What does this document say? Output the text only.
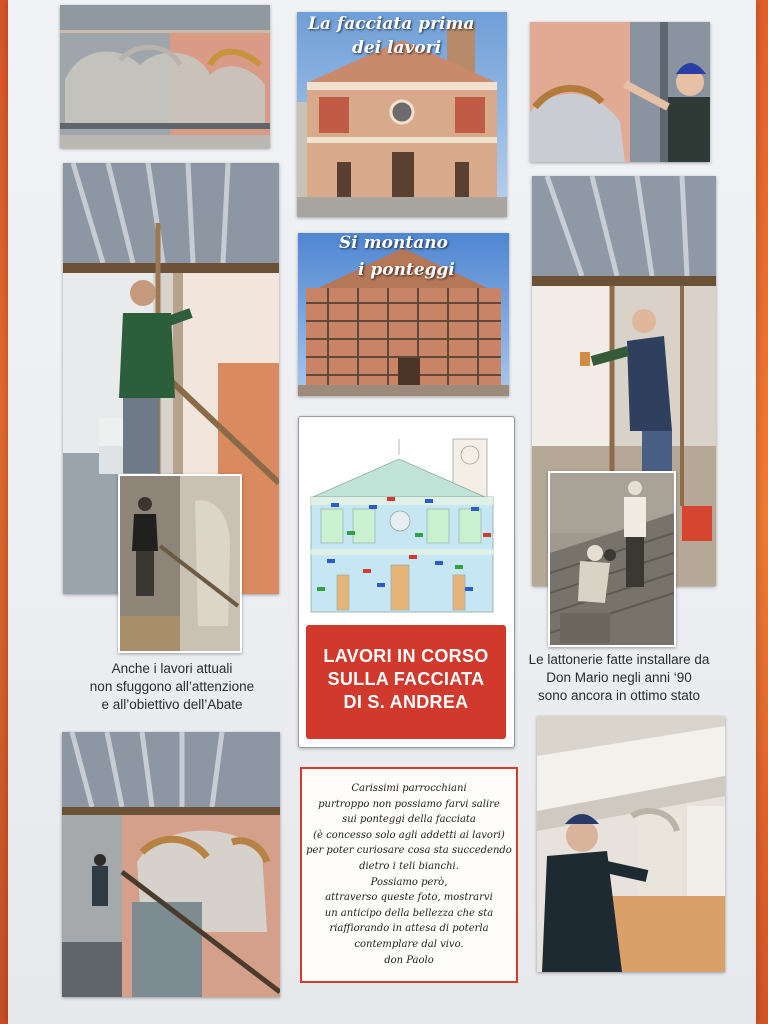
La facciata prima
dei lavori
Si montano
i ponteggi
LAVORI IN CORSO
SULLA FACCIATA
DI S. ANDREA
Anche i lavori attuali
non sfuggono all’attenzione
e all’obiettivo dell’Abate
Le lattonerie fatte installare da
Don Mario negli anni ‘90
sono ancora in ottimo stato
Carissimi parrocchiani
purtroppo non possiamo farvi salire
sui ponteggi della facciata
(è concesso solo agli addetti ai lavori)
per poter curiosare cosa sta succedendo
dietro i teli bianchi.
Possiamo però,
attraverso queste foto, mostrarvi
un anticipo della bellezza che sta
riaffiorando in attesa di poterla
contemplare dal vivo.
don Paolo
